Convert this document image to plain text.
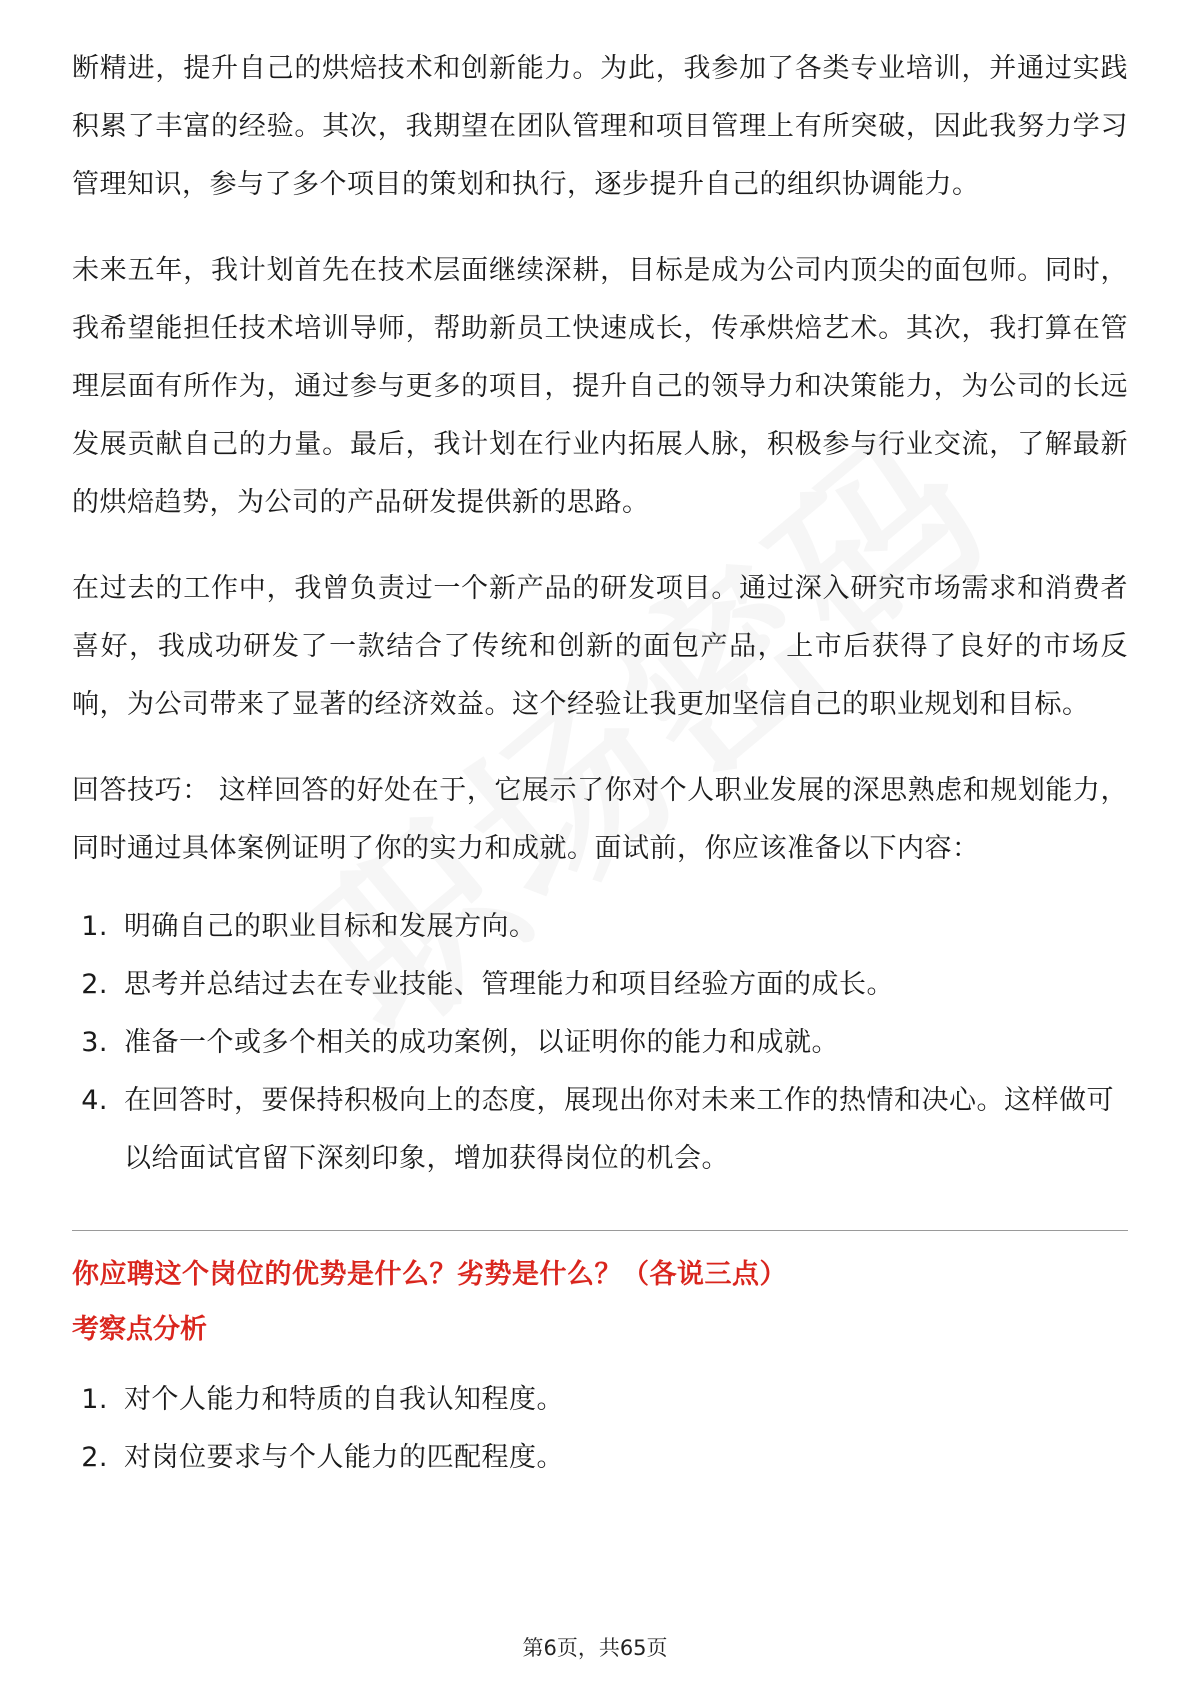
断精进，提升自己的烘焙技术和创新能力。为此，我参加了各类专业培训，并通过实践积累了丰富的经验。其次，我期望在团队管理和项目管理上有所突破，因此我努力学习管理知识，参与了多个项目的策划和执行，逐步提升自己的组织协调能力。

未来五年，我计划首先在技术层面继续深耕，目标是成为公司内顶尖的面包师。同时，我希望能担任技术培训导师，帮助新员工快速成长，传承烘焙艺术。其次，我打算在管理层面有所作为，通过参与更多的项目，提升自己的领导力和决策能力，为公司的长远发展贡献自己的力量。最后，我计划在行业内拓展人脉，积极参与行业交流，了解最新的烘焙趋势，为公司的产品研发提供新的思路。

在过去的工作中，我曾负责过一个新产品的研发项目。通过深入研究市场需求和消费者喜好，我成功研发了一款结合了传统和创新的面包产品，上市后获得了良好的市场反响，为公司带来了显著的经济效益。这个经验让我更加坚信自己的职业规划和目标。

回答技巧： 这样回答的好处在于，它展示了你对个人职业发展的深思熟虑和规划能力，同时通过具体案例证明了你的实力和成就。面试前，你应该准备以下内容：

1. 明确自己的职业目标和发展方向。
2. 思考并总结过去在专业技能、管理能力和项目经验方面的成长。
3. 准备一个或多个相关的成功案例，以证明你的能力和成就。
4. 在回答时，要保持积极向上的态度，展现出你对未来工作的热情和决心。这样做可以给面试官留下深刻印象，增加获得岗位的机会。
你应聘这个岗位的优势是什么？劣势是什么？（各说三点）
考察点分析
1. 对个人能力和特质的自我认知程度。
2. 对岗位要求与个人能力的匹配程度。
第6页，共65页
